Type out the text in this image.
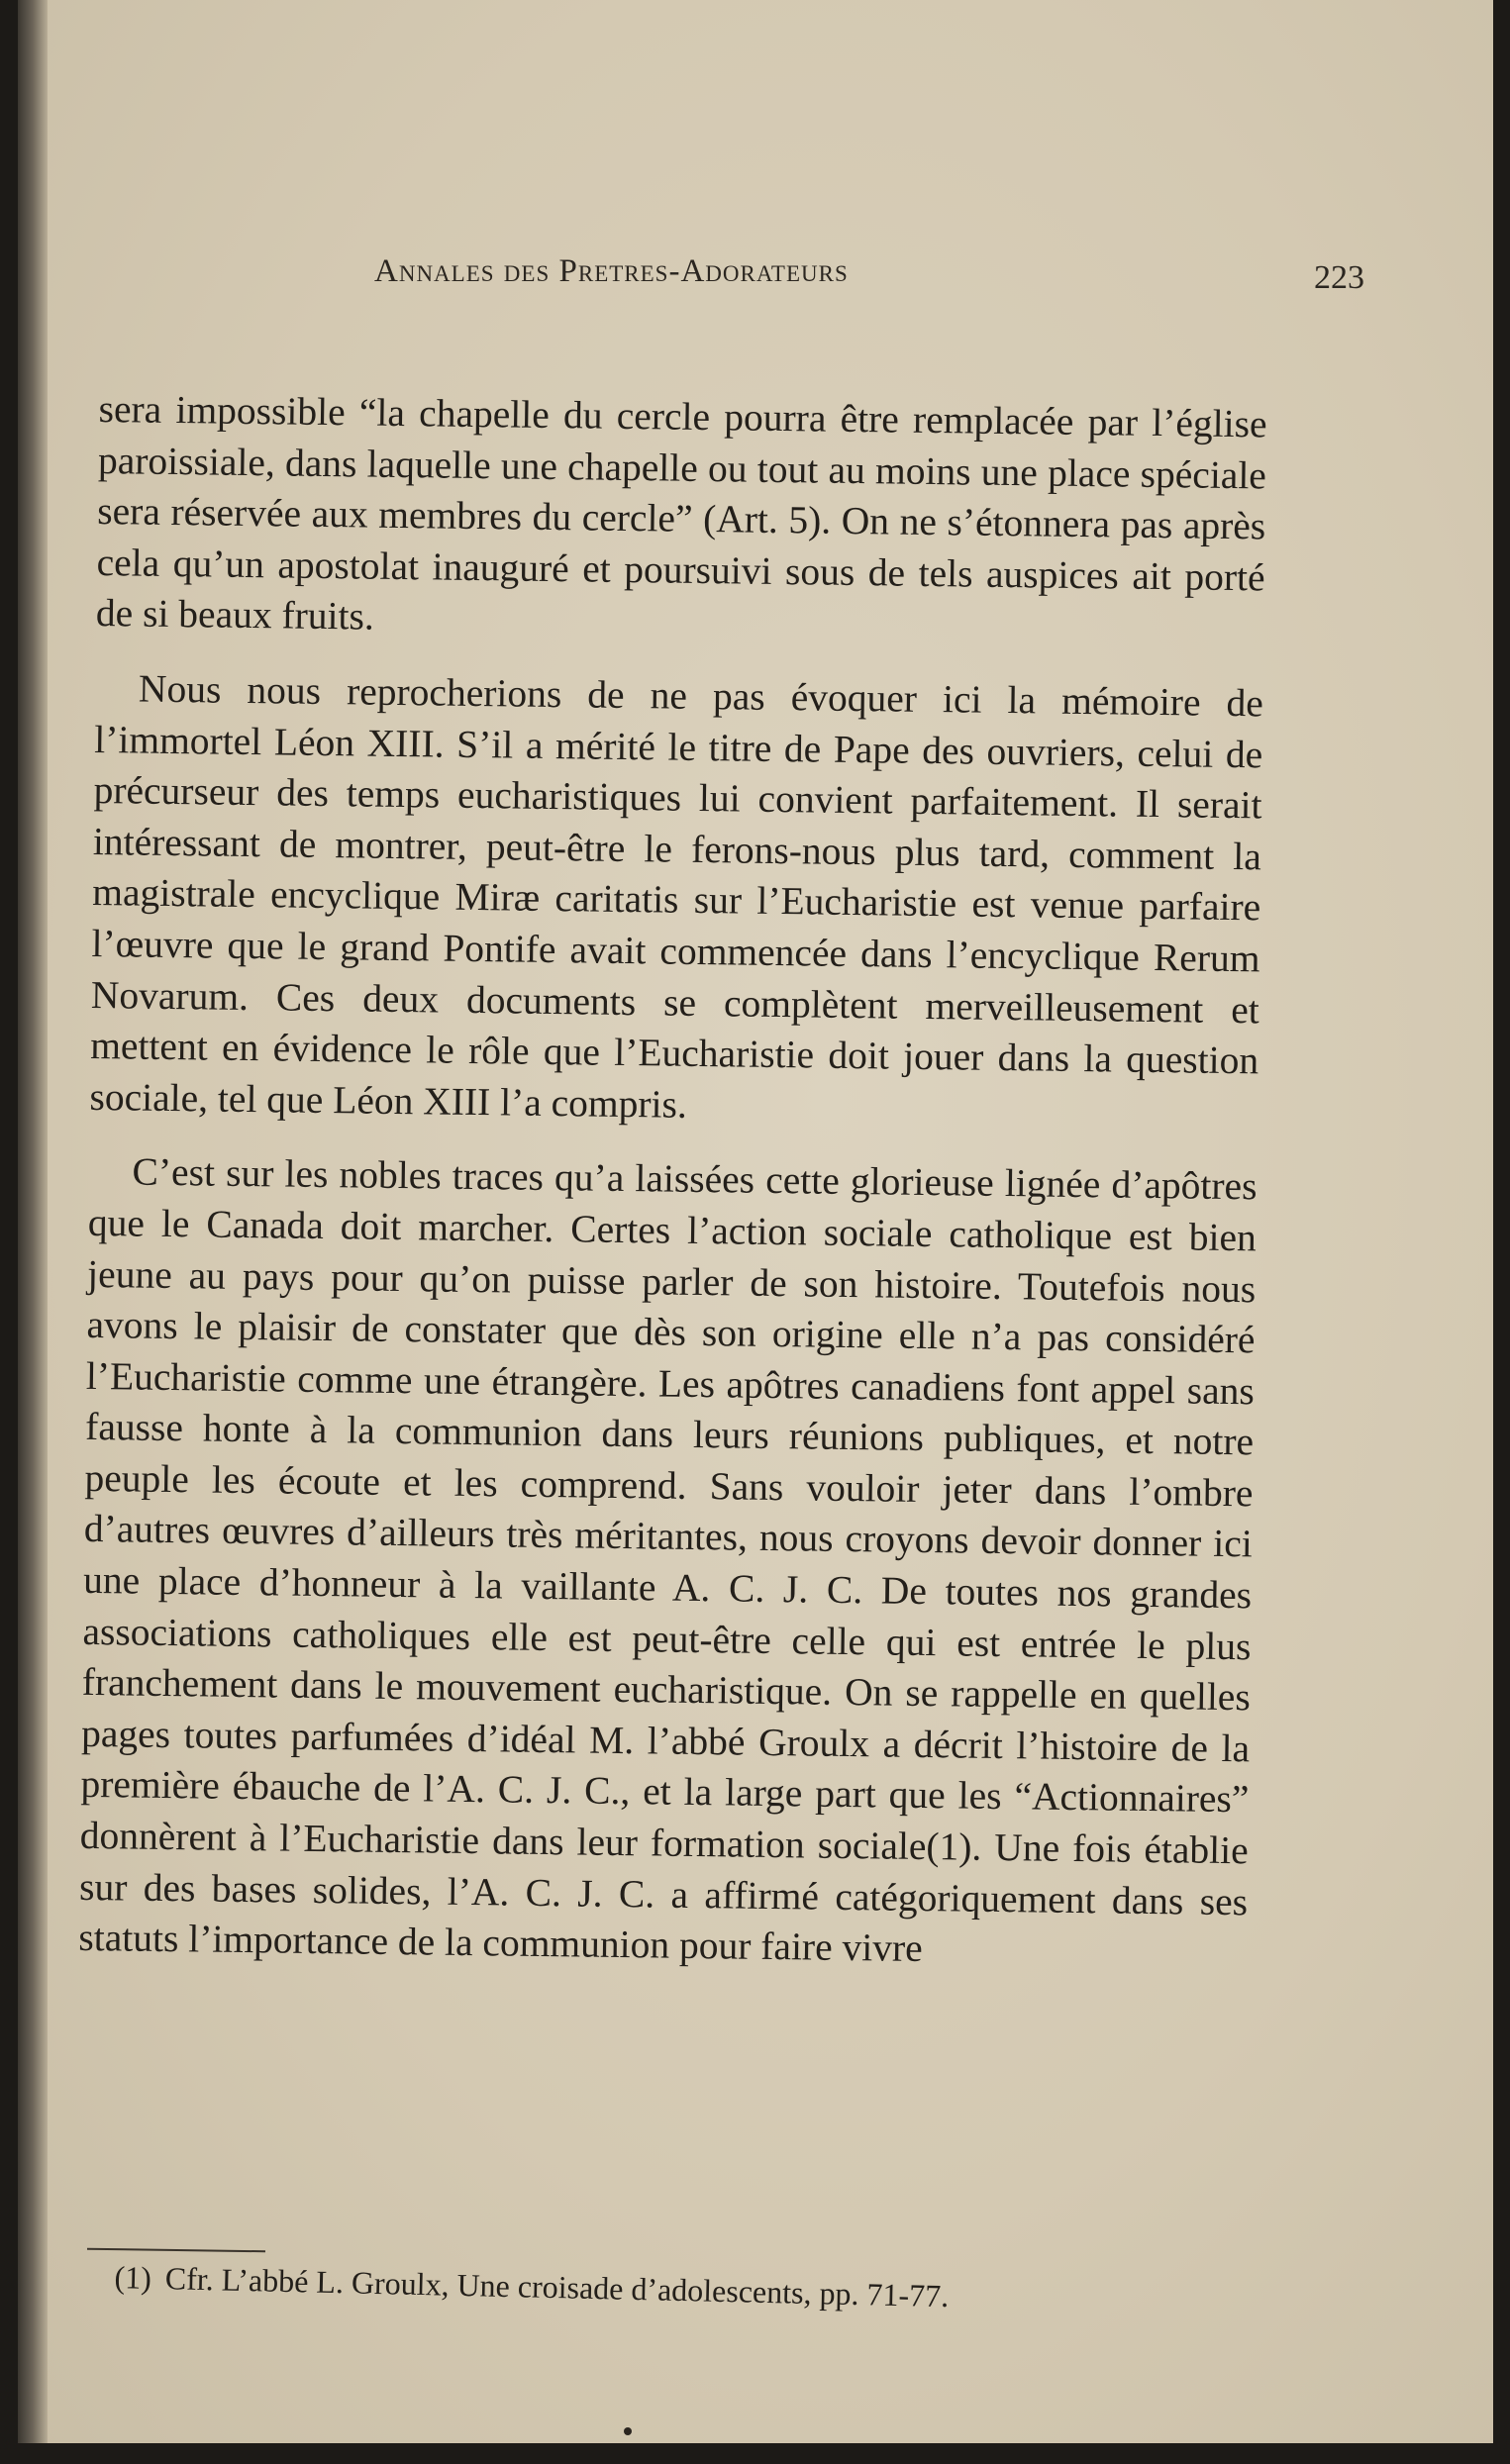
Annales des Pretres-Adorateurs	223

sera impossible “la chapelle du cercle pourra être remplacée par l’église paroissiale, dans laquelle une chapelle ou tout au moins une place spéciale sera réservée aux membres du cercle” (Art. 5). On ne s’étonnera pas après cela qu’un apostolat inauguré et poursuivi sous de tels auspices ait porté de si beaux fruits.

Nous nous reprocherions de ne pas évoquer ici la mémoire de l’immortel Léon XIII. S’il a mérité le titre de Pape des ouvriers, celui de précurseur des temps eucharistiques lui convient parfaitement. Il serait intéressant de montrer, peut-être le ferons-nous plus tard, comment la magistrale encyclique Miræ caritatis sur l’Eucharistie est venue parfaire l’œuvre que le grand Pontife avait commencée dans l’encyclique Rerum Novarum. Ces deux documents se complètent merveilleusement et mettent en évidence le rôle que l’Eucharistie doit jouer dans la question sociale, tel que Léon XIII l’a compris.

C’est sur les nobles traces qu’a laissées cette glorieuse lignée d’apôtres que le Canada doit marcher. Certes l’action sociale catholique est bien jeune au pays pour qu’on puisse parler de son histoire. Toutefois nous avons le plaisir de constater que dès son origine elle n’a pas considéré l’Eucharistie comme une étrangère. Les apôtres canadiens font appel sans fausse honte à la communion dans leurs réunions publiques, et notre peuple les écoute et les comprend. Sans vouloir jeter dans l’ombre d’autres œuvres d’ailleurs très méritantes, nous croyons devoir donner ici une place d’honneur à la vaillante A. C. J. C. De toutes nos grandes associations catholiques elle est peut-être celle qui est entrée le plus franchement dans le mouvement eucharistique. On se rappelle en quelles pages toutes parfumées d’idéal M. l’abbé Groulx a décrit l’histoire de la première ébauche de l’A. C. J. C., et la large part que les “Actionnaires” donnèrent à l’Eucharistie dans leur formation sociale(1). Une fois établie sur des bases solides, l’A. C. J. C. a affirmé catégoriquement dans ses statuts l’importance de la communion pour faire vivre

(1) Cfr. L’abbé L. Groulx, Une croisade d’adolescents, pp. 71-77.
